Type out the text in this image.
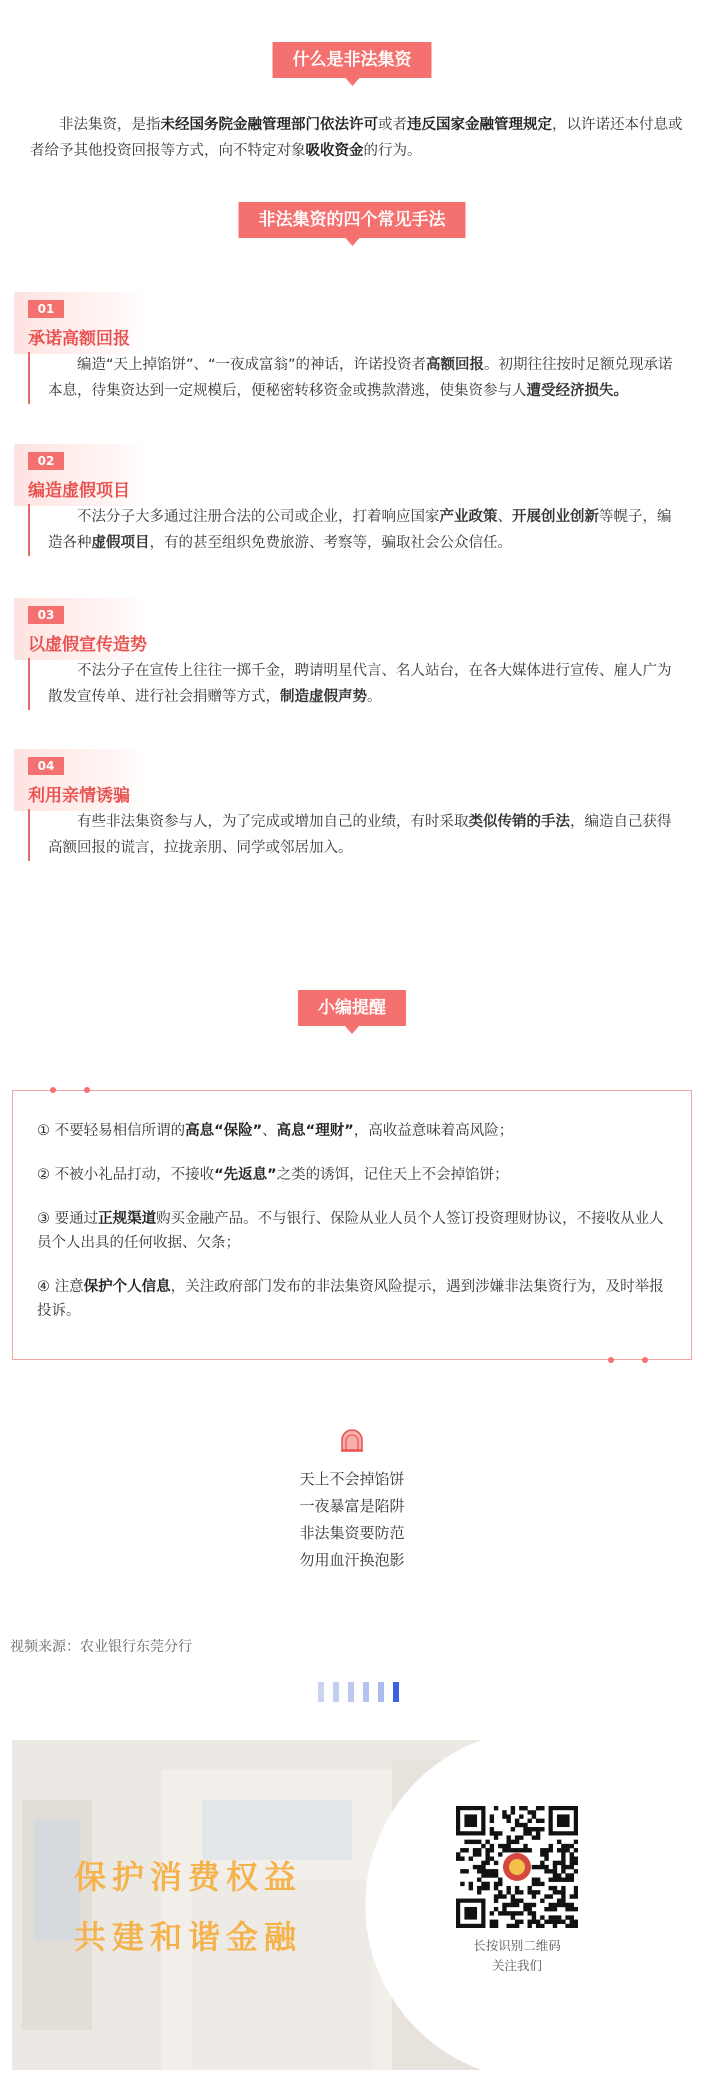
什么是非法集资
非法集资，是指未经国务院金融管理部门依法许可或者违反国家金融管理规定，以许诺还本付息或者给予其他投资回报等方式，向不特定对象吸收资金的行为。
非法集资的四个常见手法
01
承诺高额回报
编造“天上掉馅饼”、“一夜成富翁”的神话，许诺投资者高额回报。初期往往按时足额兑现承诺本息，待集资达到一定规模后，便秘密转移资金或携款潜逃，使集资参与人遭受经济损失。
02
编造虚假项目
不法分子大多通过注册合法的公司或企业，打着响应国家产业政策、开展创业创新等幌子，编造各种虚假项目，有的甚至组织免费旅游、考察等，骗取社会公众信任。
03
以虚假宣传造势
不法分子在宣传上往往一掷千金，聘请明星代言、名人站台，在各大媒体进行宣传、雇人广为散发宣传单、进行社会捐赠等方式，制造虚假声势。
04
利用亲情诱骗
有些非法集资参与人，为了完成或增加自己的业绩，有时采取类似传销的手法，编造自己获得高额回报的谎言，拉拢亲朋、同学或邻居加入。
小编提醒

① 不要轻易相信所谓的高息“保险”、高息“理财”，高收益意味着高风险；

② 不被小礼品打动，不接收“先返息”之类的诱饵，记住天上不会掉馅饼；

③ 要通过正规渠道购买金融产品。不与银行、保险从业人员个人签订投资理财协议，不接收从业人员个人出具的任何收据、欠条；

④ 注意保护个人信息，关注政府部门发布的非法集资风险提示，遇到涉嫌非法集资行为，及时举报投诉。

天上不会掉馅饼
一夜暴富是陷阱
非法集资要防范
勿用血汗换泡影
视频来源：农业银行东莞分行

保护消费权益
共建和谐金融	长按识别二维码
关注我们
